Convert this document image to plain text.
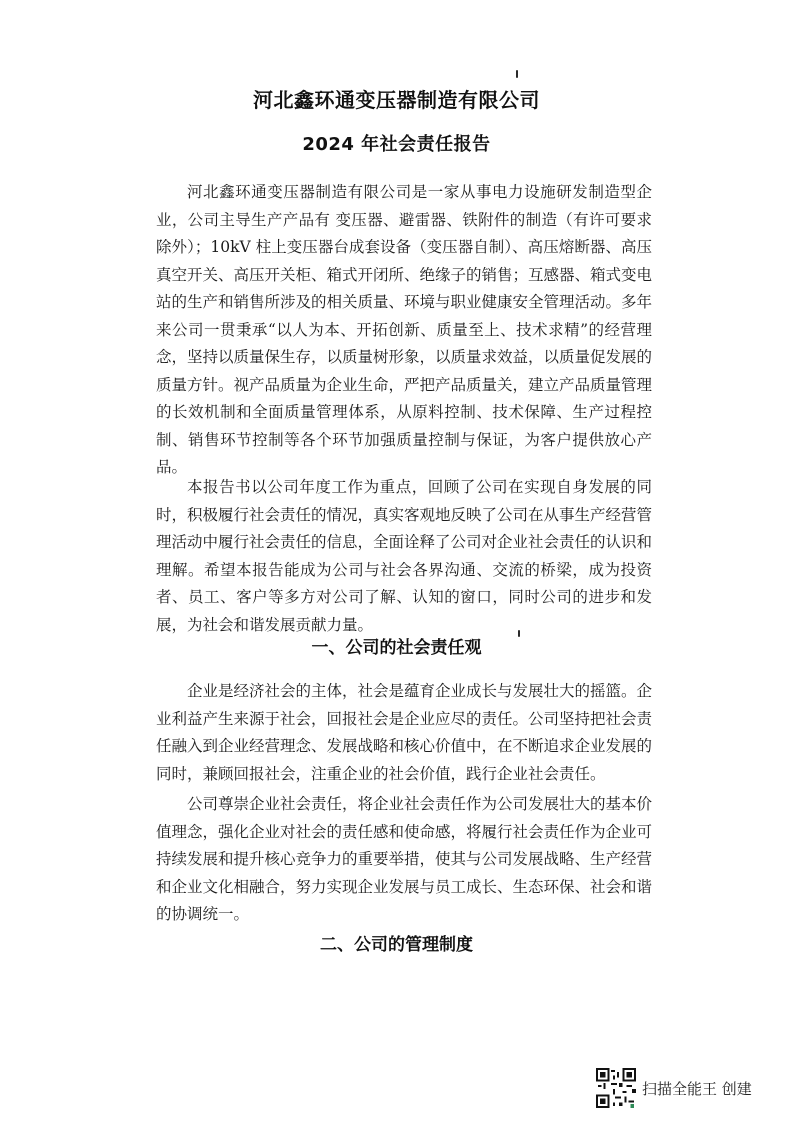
河北鑫环通变压器制造有限公司
2024 年社会责任报告

河北鑫环通变压器制造有限公司是一家从事电力设施研发制造型企业，公司主导生产产品有 变压器、避雷器、铁附件的制造（有许可要求除外）；10kV 柱上变压器台成套设备（变压器自制）、高压熔断器、高压真空开关、高压开关柜、箱式开闭所、绝缘子的销售；互感器、箱式变电站的生产和销售所涉及的相关质量、环境与职业健康安全管理活动。多年来公司一贯秉承“以人为本、开拓创新、质量至上、技术求精”的经营理念，坚持以质量保生存，以质量树形象，以质量求效益，以质量促发展的质量方针。视产品质量为企业生命，严把产品质量关，建立产品质量管理的长效机制和全面质量管理体系，从原料控制、技术保障、生产过程控制、销售环节控制等各个环节加强质量控制与保证，为客户提供放心产品。

本报告书以公司年度工作为重点，回顾了公司在实现自身发展的同时，积极履行社会责任的情况，真实客观地反映了公司在从事生产经营管理活动中履行社会责任的信息，全面诠释了公司对企业社会责任的认识和理解。希望本报告能成为公司与社会各界沟通、交流的桥梁，成为投资者、员工、客户等多方对公司了解、认知的窗口，同时公司的进步和发展，为社会和谐发展贡献力量。

一、公司的社会责任观

企业是经济社会的主体，社会是蕴育企业成长与发展壮大的摇篮。企业利益产生来源于社会，回报社会是企业应尽的责任。公司坚持把社会责任融入到企业经营理念、发展战略和核心价值中，在不断追求企业发展的同时，兼顾回报社会，注重企业的社会价值，践行企业社会责任。

公司尊崇企业社会责任，将企业社会责任作为公司发展壮大的基本价值理念，强化企业对社会的责任感和使命感，将履行社会责任作为企业可持续发展和提升核心竞争力的重要举措，使其与公司发展战略、生产经营和企业文化相融合，努力实现企业发展与员工成长、生态环保、社会和谐的协调统一。

二、公司的管理制度
扫描全能王 创建
